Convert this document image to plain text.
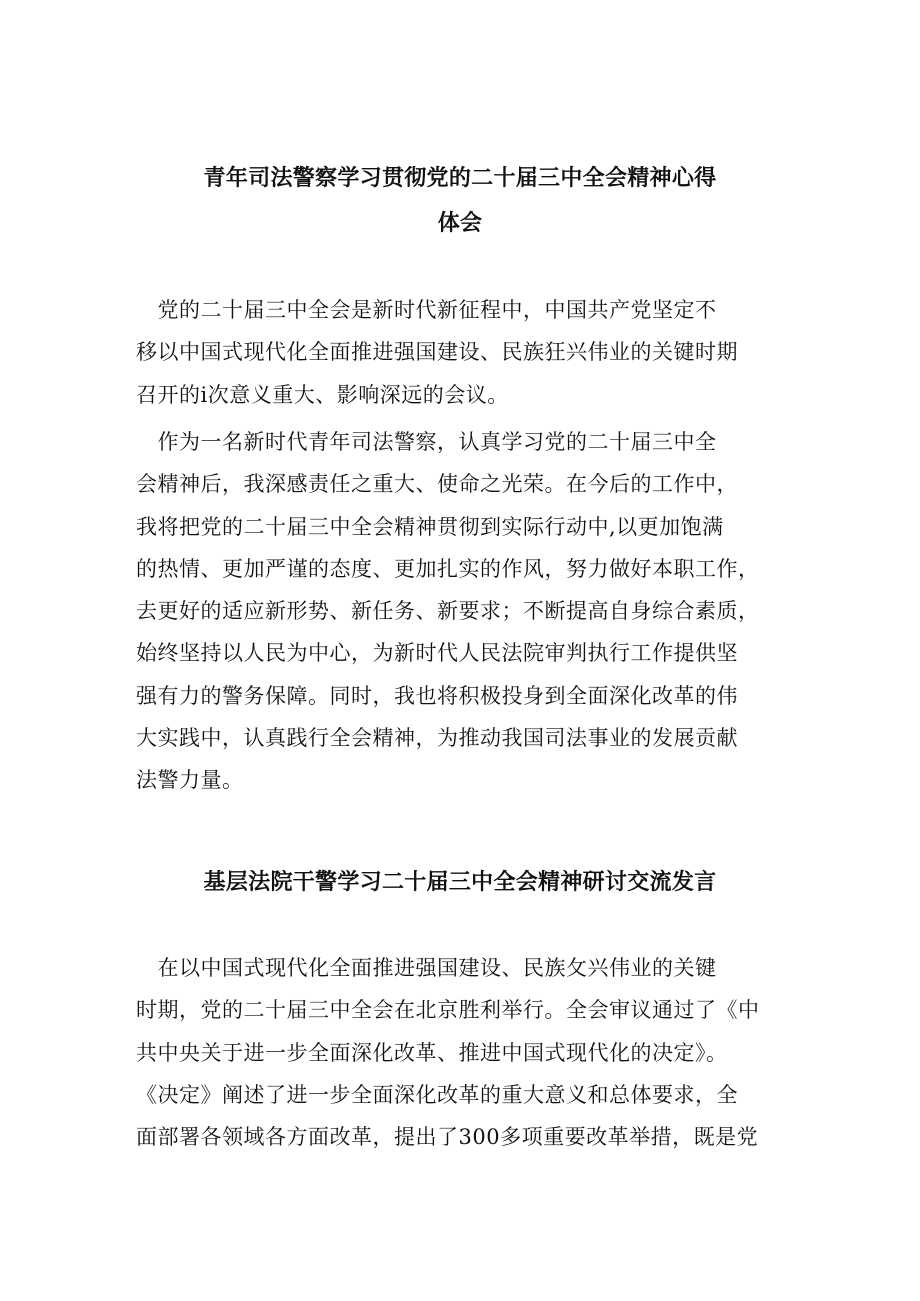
青年司法警察学习贯彻党的二十届三中全会精神心得
体会

　党的二十届三中全会是新时代新征程中，中国共产党坚定不
移以中国式现代化全面推进强国建设、民族狂兴伟业的关键时期
召开的i次意义重大、影响深远的会议。

　作为一名新时代青年司法警察，认真学习党的二十届三中全
会精神后，我深感责任之重大、使命之光荣。在今后的工作中，
我将把党的二十届三中全会精神贯彻到实际行动中,以更加饱满
的热情、更加严谨的态度、更加扎实的作风，努力做好本职工作，
去更好的适应新形势、新任务、新要求；不断提高自身综合素质，
始终坚持以人民为中心，为新时代人民法院审判执行工作提供坚
强有力的警务保障。同时，我也将积极投身到全面深化改革的伟
大实践中，认真践行全会精神，为推动我国司法事业的发展贡献
法警力量。

基层法院干警学习二十届三中全会精神研讨交流发言

　在以中国式现代化全面推进强国建设、民族攵兴伟业的关键
时期，党的二十届三中全会在北京胜利举行。全会审议通过了《中
共中央关于进一步全面深化改革、推进中国式现代化的决定》。
《决定》阐述了进一步全面深化改革的重大意义和总体要求，全
面部署各领域各方面改革，提出了300多项重要改革举措，既是党
